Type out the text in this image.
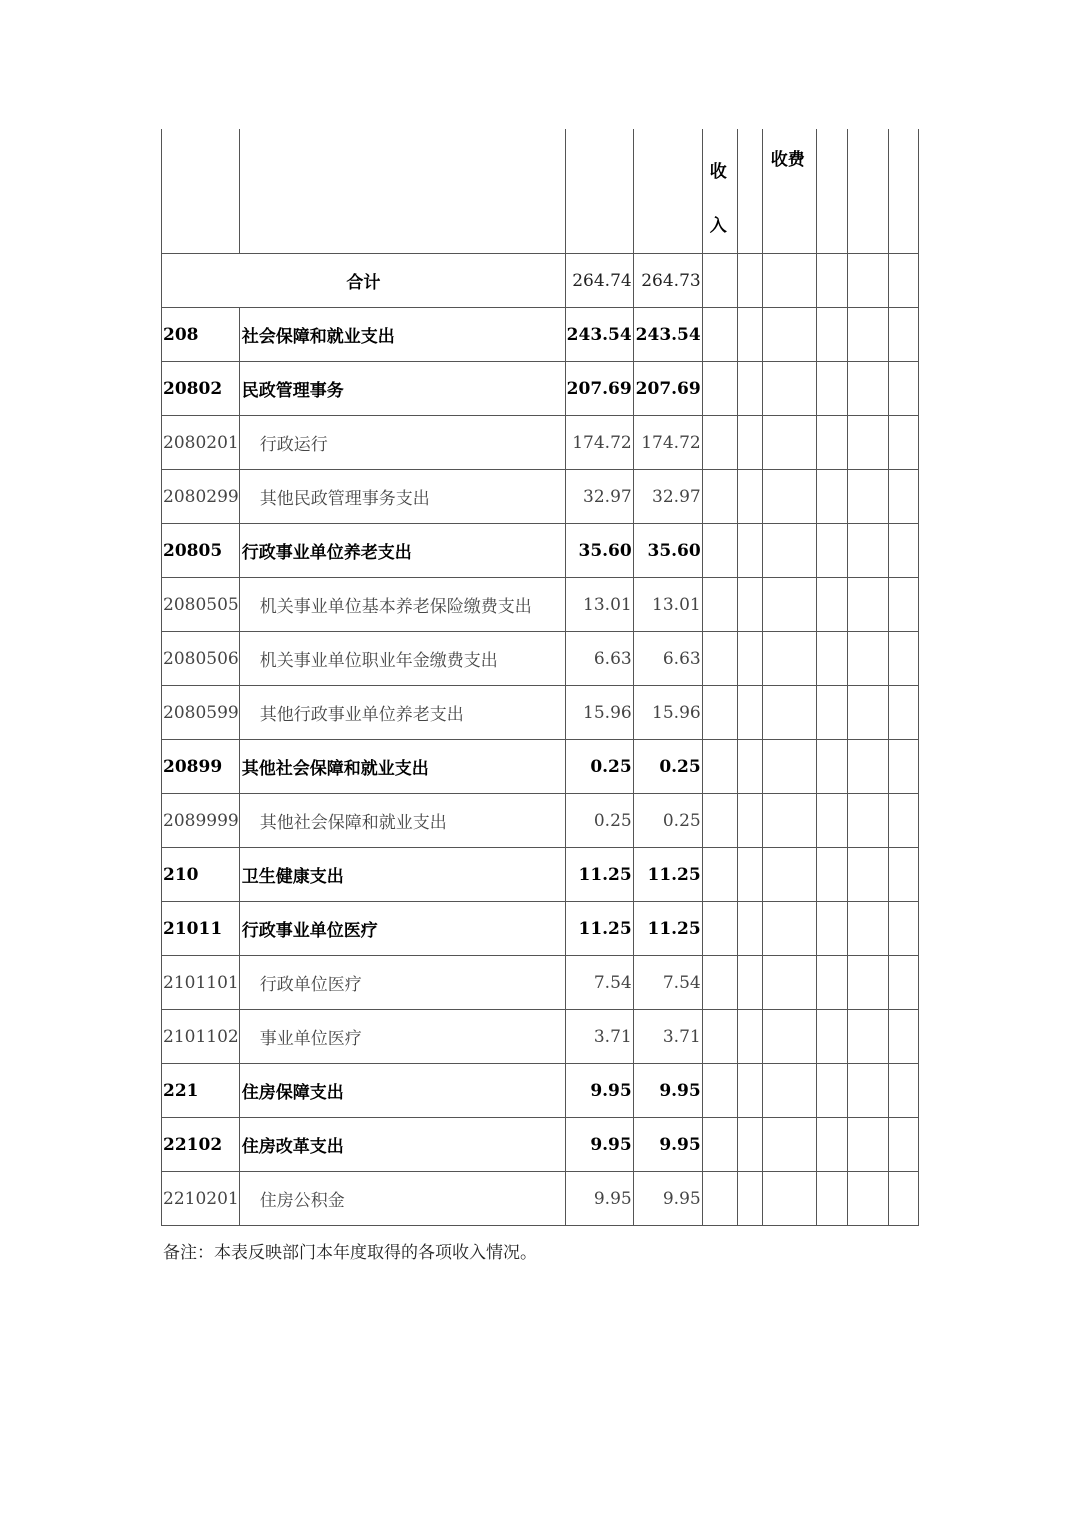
				收入		收费			

合计		264.74	264.73						
208	社会保障和就业支出	243.54	243.54						
20802	民政管理事务	207.69	207.69						
2080201	行政运行	174.72	174.72						
2080299	其他民政管理事务支出	32.97	32.97						
20805	行政事业单位养老支出	35.60	35.60						
2080505	机关事业单位基本养老保险缴费支出	13.01	13.01						
2080506	机关事业单位职业年金缴费支出	6.63	6.63						
2080599	其他行政事业单位养老支出	15.96	15.96						
20899	其他社会保障和就业支出	0.25	0.25						
2089999	其他社会保障和就业支出	0.25	0.25						
210	卫生健康支出	11.25	11.25						
21011	行政事业单位医疗	11.25	11.25						
2101101	行政单位医疗	7.54	7.54						
2101102	事业单位医疗	3.71	3.71						
221	住房保障支出	9.95	9.95						
22102	住房改革支出	9.95	9.95						
2210201	住房公积金	9.95	9.95						
备注：本表反映部门本年度取得的各项收入情况。
